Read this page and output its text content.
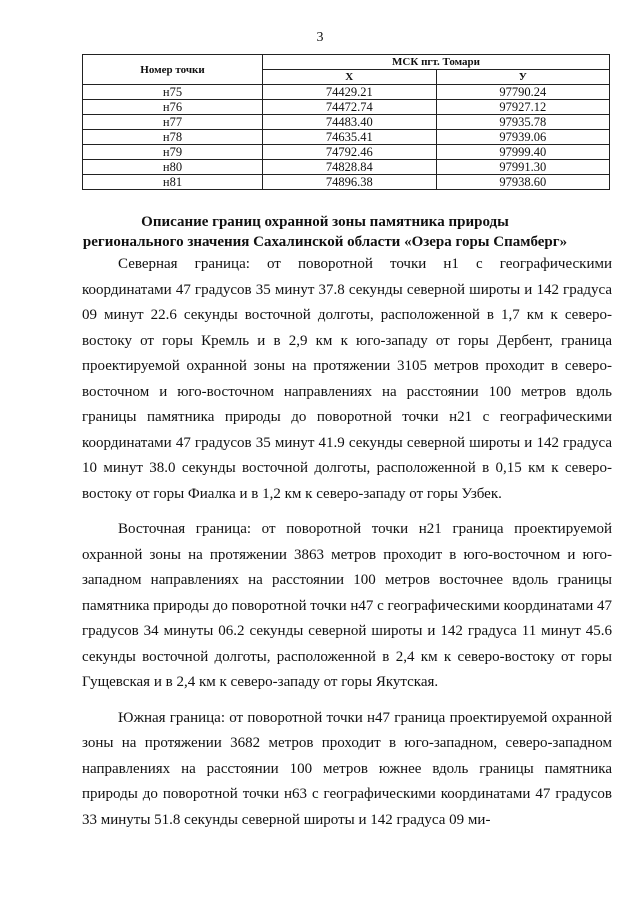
3
Номер точки	МСК пгт. Томари	
	X	У
н75	74429.21	97790.24
н76	74472.74	97927.12
н77	74483.40	97935.78
н78	74635.41	97939.06
н79	74792.46	97999.40
н80	74828.84	97991.30
н81	74896.38	97938.60
Описание границ охранной зоны памятника природы
регионального значения Сахалинской области «Озера горы Спамберг»

Северная граница: от поворотной точки н1 с географическими координатами 47 градусов 35 минут 37.8 секунды северной широты и 142 градуса 09 минут 22.6 секунды восточной долготы, расположенной в 1,7 км к северо-востоку от горы Кремль и в 2,9 км к юго-западу от горы Дербент, граница проектируемой охранной зоны на протяжении 3105 метров проходит в северо-восточном и юго-восточном направлениях на расстоянии 100 метров вдоль границы памятника природы до поворотной точки н21 с географическими координатами 47 градусов 35 минут 41.9 секунды северной широты и 142 градуса 10 минут 38.0 секунды восточной долготы, расположенной в 0,15 км к северо-востоку от горы Фиалка и в 1,2 км к северо-западу от горы Узбек.

Восточная граница: от поворотной точки н21 граница проектируемой охранной зоны на протяжении 3863 метров проходит в юго-восточном и юго-западном направлениях на расстоянии 100 метров восточнее вдоль границы памятника природы до поворотной точки н47 с географическими координатами 47 градусов 34 минуты 06.2 секунды северной широты и 142 градуса 11 минут 45.6 секунды восточной долготы, расположенной в 2,4 км к северо-востоку от горы Гущевская и в 2,4 км к северо-западу от горы Якутская.

Южная граница: от поворотной точки н47 граница проектируемой охранной зоны на протяжении 3682 метров проходит в юго-западном, северо-западном направлениях на расстоянии 100 метров южнее вдоль границы памятника природы до поворотной точки н63 с географическими координатами 47 градусов 33 минуты 51.8 секунды северной широты и 142 градуса 09 ми-
